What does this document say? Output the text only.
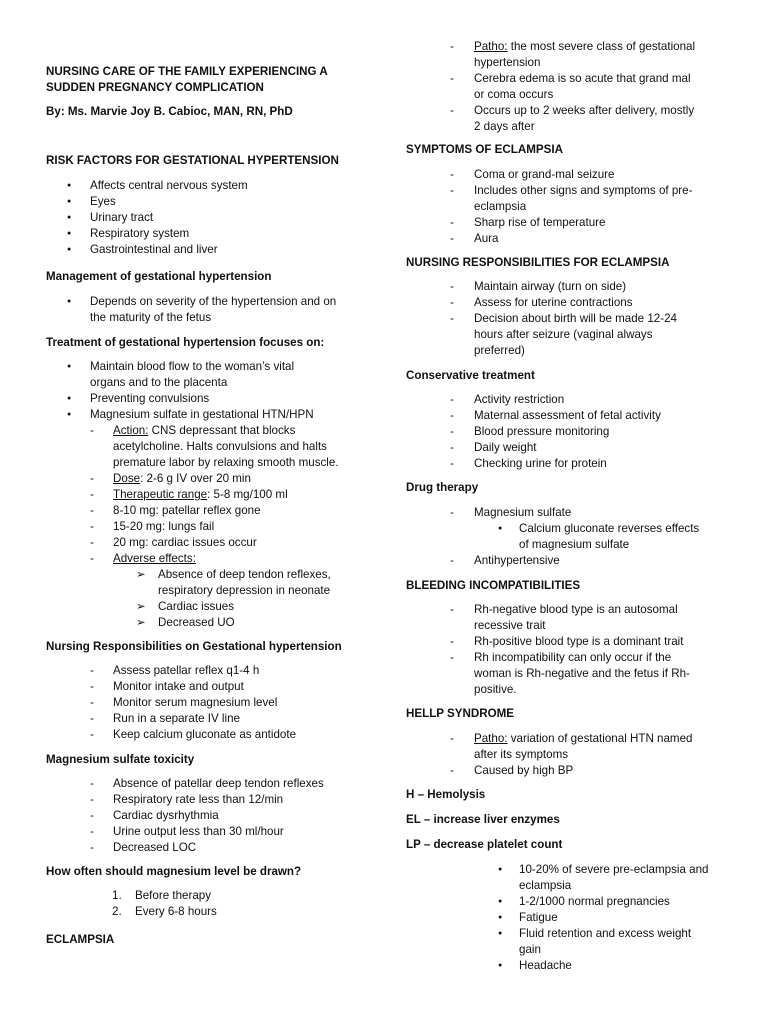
NURSING CARE OF THE FAMILY EXPERIENCING A
SUDDEN PREGNANCY COMPLICATION
By: Ms. Marvie Joy B. Cabioc, MAN, RN, PhD
RISK FACTORS FOR GESTATIONAL HYPERTENSION
●
Affects central nervous system
●
Eyes
●
Urinary tract
●
Respiratory system
●
Gastrointestinal and liver
Management of gestational hypertension
●
Depends on severity of the hypertension and on
the maturity of the fetus
Treatment of gestational hypertension focuses on:
●
Maintain blood flow to the woman’s vital
organs and to the placenta
●
Preventing convulsions
●
Magnesium sulfate in gestational HTN/HPN
- Action: CNS depressant that blocks
acetylcholine. Halts convulsions and halts
premature labor by relaxing smooth muscle.
- Dose: 2-6 g IV over 20 min
- Therapeutic range: 5-8 mg/100 ml
- 8-10 mg: patellar reflex gone
- 15-20 mg: lungs fail
- 20 mg: cardiac issues occur
- Adverse effects:
➢ Absence of deep tendon reflexes,
respiratory depression in neonate
➢ Cardiac issues
➢ Decreased UO
Nursing Responsibilities on Gestational hypertension
- Assess patellar reflex q1-4 h
- Monitor intake and output
- Monitor serum magnesium level
- Run in a separate IV line
- Keep calcium gluconate as antidote
Magnesium sulfate toxicity
- Absence of patellar deep tendon reflexes
- Respiratory rate less than 12/min
- Cardiac dysrhythmia
- Urine output less than 30 ml/hour
- Decreased LOC
How often should magnesium level be drawn?
1. Before therapy
2. Every 6-8 hours
ECLAMPSIA
- Patho: the most severe class of gestational
hypertension
- Cerebra edema is so acute that grand mal
or coma occurs
- Occurs up to 2 weeks after delivery, mostly
2 days after
SYMPTOMS OF ECLAMPSIA
- Coma or grand-mal seizure
- Includes other signs and symptoms of pre-
eclampsia
- Sharp rise of temperature
- Aura
NURSING RESPONSIBILITIES FOR ECLAMPSIA
- Maintain airway (turn on side)
- Assess for uterine contractions
- Decision about birth will be made 12-24
hours after seizure (vaginal always
preferred)
Conservative treatment
- Activity restriction
- Maternal assessment of fetal activity
- Blood pressure monitoring
- Daily weight
- Checking urine for protein
Drug therapy
- Magnesium sulfate
●
Calcium gluconate reverses effects
of magnesium sulfate
- Antihypertensive
BLEEDING INCOMPATIBILITIES
- Rh-negative blood type is an autosomal
recessive trait
- Rh-positive blood type is a dominant trait
- Rh incompatibility can only occur if the
woman is Rh-negative and the fetus if Rh-
positive.
HELLP SYNDROME
- Patho: variation of gestational HTN named
after its symptoms
- Caused by high BP
H – Hemolysis
EL – increase liver enzymes
LP – decrease platelet count
●
10-20% of severe pre-eclampsia and
eclampsia
●
1-2/1000 normal pregnancies
●
Fatigue
●
Fluid retention and excess weight
gain
●
Headache
